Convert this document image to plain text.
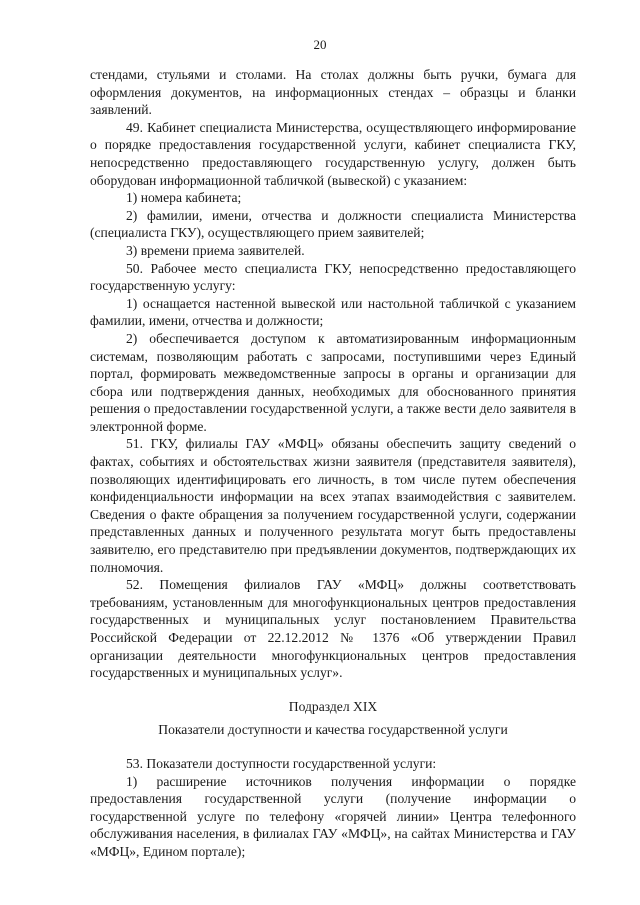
20

стендами, стульями и столами. На столах должны быть ручки, бумага для оформления документов, на информационных стендах – образцы и бланки заявлений.

49. Кабинет специалиста Министерства, осуществляющего информирование о порядке предоставления государственной услуги, кабинет специалиста ГКУ, непосредственно предоставляющего государственную услугу, должен быть оборудован информационной табличкой (вывеской) с указанием:

1) номера кабинета;

2) фамилии, имени, отчества и должности специалиста Министерства (специалиста ГКУ), осуществляющего прием заявителей;

3) времени приема заявителей.

50. Рабочее место специалиста ГКУ, непосредственно предоставляющего государственную услугу:

1) оснащается настенной вывеской или настольной табличкой с указанием фамилии, имени, отчества и должности;

2) обеспечивается доступом к автоматизированным информационным системам, позволяющим работать с запросами, поступившими через Единый портал, формировать межведомственные запросы в органы и организации для сбора или подтверждения данных, необходимых для обоснованного принятия решения о предоставлении государственной услуги, а также вести дело заявителя в электронной форме.

51. ГКУ, филиалы ГАУ «МФЦ» обязаны обеспечить защиту сведений о фактах, событиях и обстоятельствах жизни заявителя (представителя заявителя), позволяющих идентифицировать его личность, в том числе путем обеспечения конфиденциальности информации на всех этапах взаимодействия с заявителем. Сведения о факте обращения за получением государственной услуги, содержании представленных данных и полученного результата могут быть предоставлены заявителю, его представителю при предъявлении документов, подтверждающих их полномочия.

52. Помещения филиалов ГАУ «МФЦ» должны соответствовать требованиям, установленным для многофункциональных центров предоставления государственных и муниципальных услуг постановлением Правительства Российской Федерации от 22.12.2012 № 1376 «Об утверждении Правил организации деятельности многофункциональных центров предоставления государственных и муниципальных услуг».

Подраздел XIX

Показатели доступности и качества государственной услуги

53. Показатели доступности государственной услуги:

1) расширение источников получения информации о порядке предоставления государственной услуги (получение информации о государственной услуге по телефону «горячей линии» Центра телефонного обслуживания населения, в филиалах ГАУ «МФЦ», на сайтах Министерства и ГАУ «МФЦ», Едином портале);
